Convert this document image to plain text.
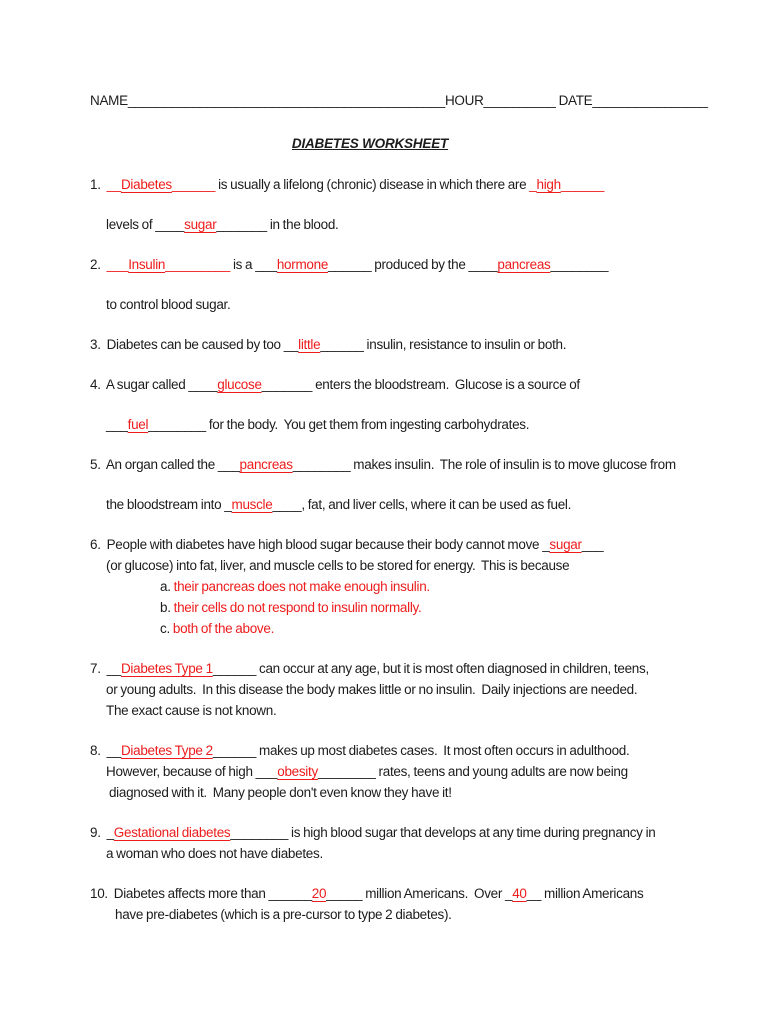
NAME____________________________________________HOUR__________ DATE________________
DIABETES WORKSHEET
1.  __Diabetes______ is usually a lifelong (chronic) disease in which there are _high______
levels of ____sugar_______ in the blood.
2.  ___Insulin_________ is a ___hormone______ produced by the ____pancreas________
to control blood sugar.
3.  Diabetes can be caused by too __little______ insulin, resistance to insulin or both.
4.  A sugar called ____glucose_______ enters the bloodstream.  Glucose is a source of
___fuel________ for the body.  You get them from ingesting carbohydrates.
5.  An organ called the ___pancreas________ makes insulin.  The role of insulin is to move glucose from
the bloodstream into _muscle____, fat, and liver cells, where it can be used as fuel.
6.  People with diabetes have high blood sugar because their body cannot move _sugar___
(or glucose) into fat, liver, and muscle cells to be stored for energy.  This is because
a. their pancreas does not make enough insulin.
b. their cells do not respond to insulin normally.
c. both of the above.
7.  __Diabetes Type 1______ can occur at any age, but it is most often diagnosed in children, teens,
or young adults.  In this disease the body makes little or no insulin.  Daily injections are needed.
The exact cause is not known.
8.  __Diabetes Type 2______ makes up most diabetes cases.  It most often occurs in adulthood.
However, because of high ___obesity________ rates, teens and young adults are now being
diagnosed with it.  Many people don't even know they have it!
9.  _Gestational diabetes________ is high blood sugar that develops at any time during pregnancy in
a woman who does not have diabetes.
10.  Diabetes affects more than ______20_____ million Americans.  Over _40__ million Americans
have pre-diabetes (which is a pre-cursor to type 2 diabetes).
